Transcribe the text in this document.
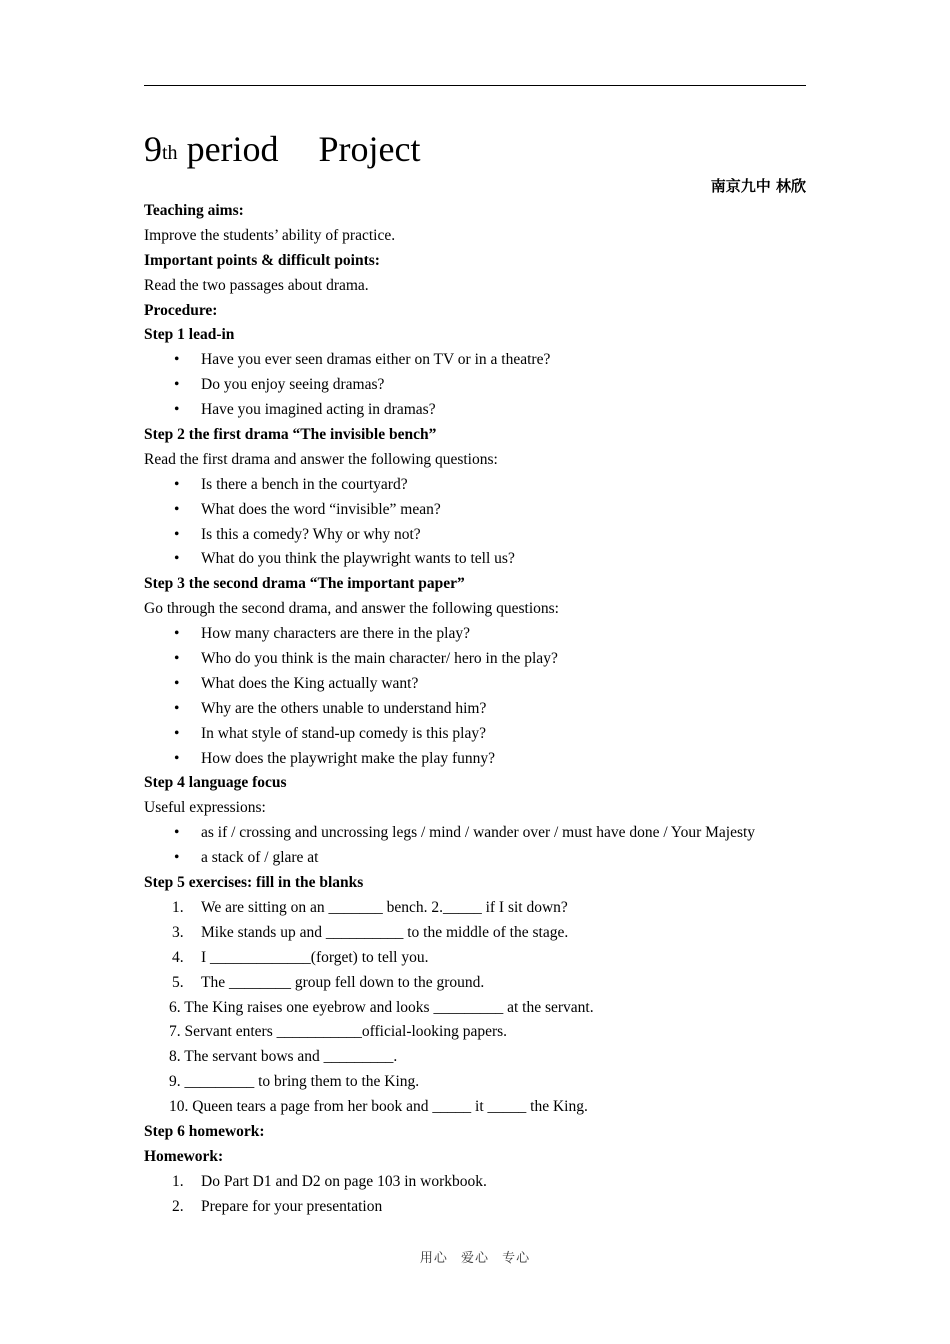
9th period Project
南京九中 林欣
Teaching aims:
Improve the students’ ability of practice.
Important points & difficult points:
Read the two passages about drama.
Procedure:
Step 1 lead-in
• Have you ever seen dramas either on TV or in a theatre?
• Do you enjoy seeing dramas?
• Have you imagined acting in dramas?
Step 2 the first drama “The invisible bench”
Read the first drama and answer the following questions:
• Is there a bench in the courtyard?
• What does the word “invisible” mean?
• Is this a comedy? Why or why not?
• What do you think the playwright wants to tell us?
Step 3 the second drama “The important paper”
Go through the second drama, and answer the following questions:
• How many characters are there in the play?
• Who do you think is the main character/ hero in the play?
• What does the King actually want?
• Why are the others unable to understand him?
• In what style of stand-up comedy is this play?
• How does the playwright make the play funny?
Step 4 language focus
Useful expressions:
• as if / crossing and uncrossing legs / mind / wander over / must have done / Your Majesty
• a stack of / glare at
Step 5 exercises: fill in the blanks
1. We are sitting on an _______ bench. 2._____ if I sit down?
3. Mike stands up and __________ to the middle of the stage.
4. I _____________(forget) to tell you.
5. The ________ group fell down to the ground.
6. The King raises one eyebrow and looks _________ at the servant.
7. Servant enters ___________official-looking papers.
8. The servant bows and _________.
9. _________ to bring them to the King.
10. Queen tears a page from her book and _____ it _____ the King.
Step 6 homework:
Homework:
1. Do Part D1 and D2 on page 103 in workbook.
2. Prepare for your presentation
用心 爱心 专心
